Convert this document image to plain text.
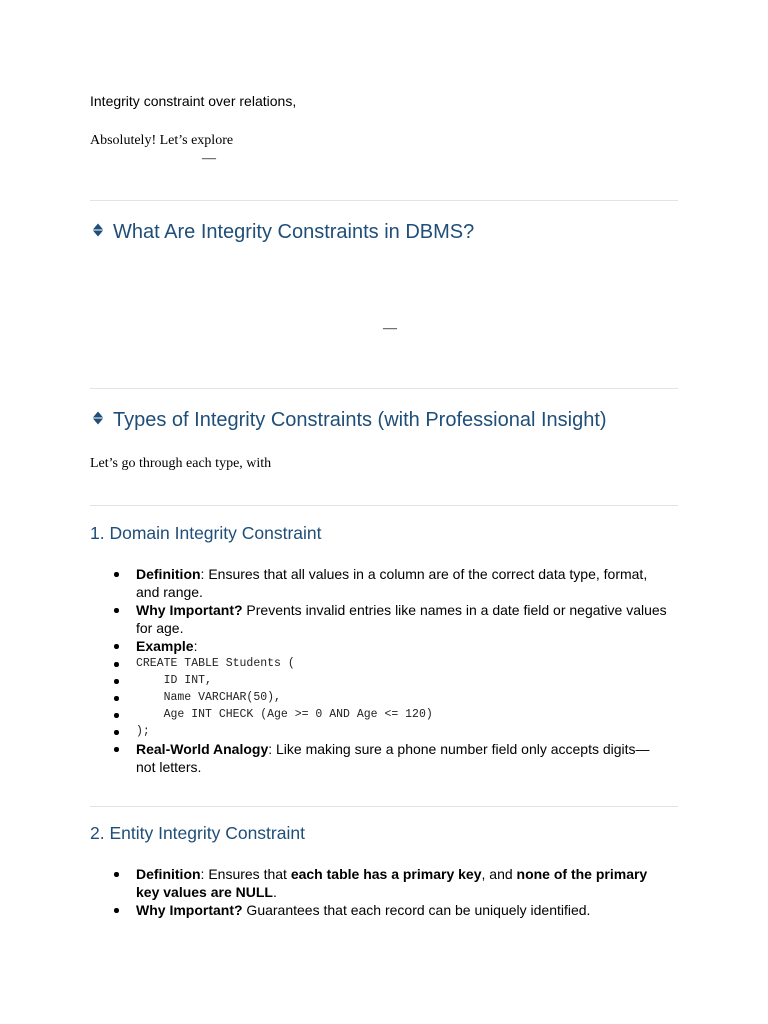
Integrity constraint over relations,
Absolutely! Let’s explore
—
What Are Integrity Constraints in DBMS?
—
Types of Integrity Constraints (with Professional Insight)
Let’s go through each type, with
1. Domain Integrity Constraint
Definition: Ensures that all values in a column are of the correct data type, format, and range.
Why Important? Prevents invalid entries like names in a date field or negative values for age.
Example:
CREATE TABLE Students (
ID INT,
Name VARCHAR(50),
Age INT CHECK (Age >= 0 AND Age <= 120)
);
Real-World Analogy: Like making sure a phone number field only accepts digits—not letters.
2. Entity Integrity Constraint
Definition: Ensures that each table has a primary key, and none of the primary key values are NULL.
Why Important? Guarantees that each record can be uniquely identified.
